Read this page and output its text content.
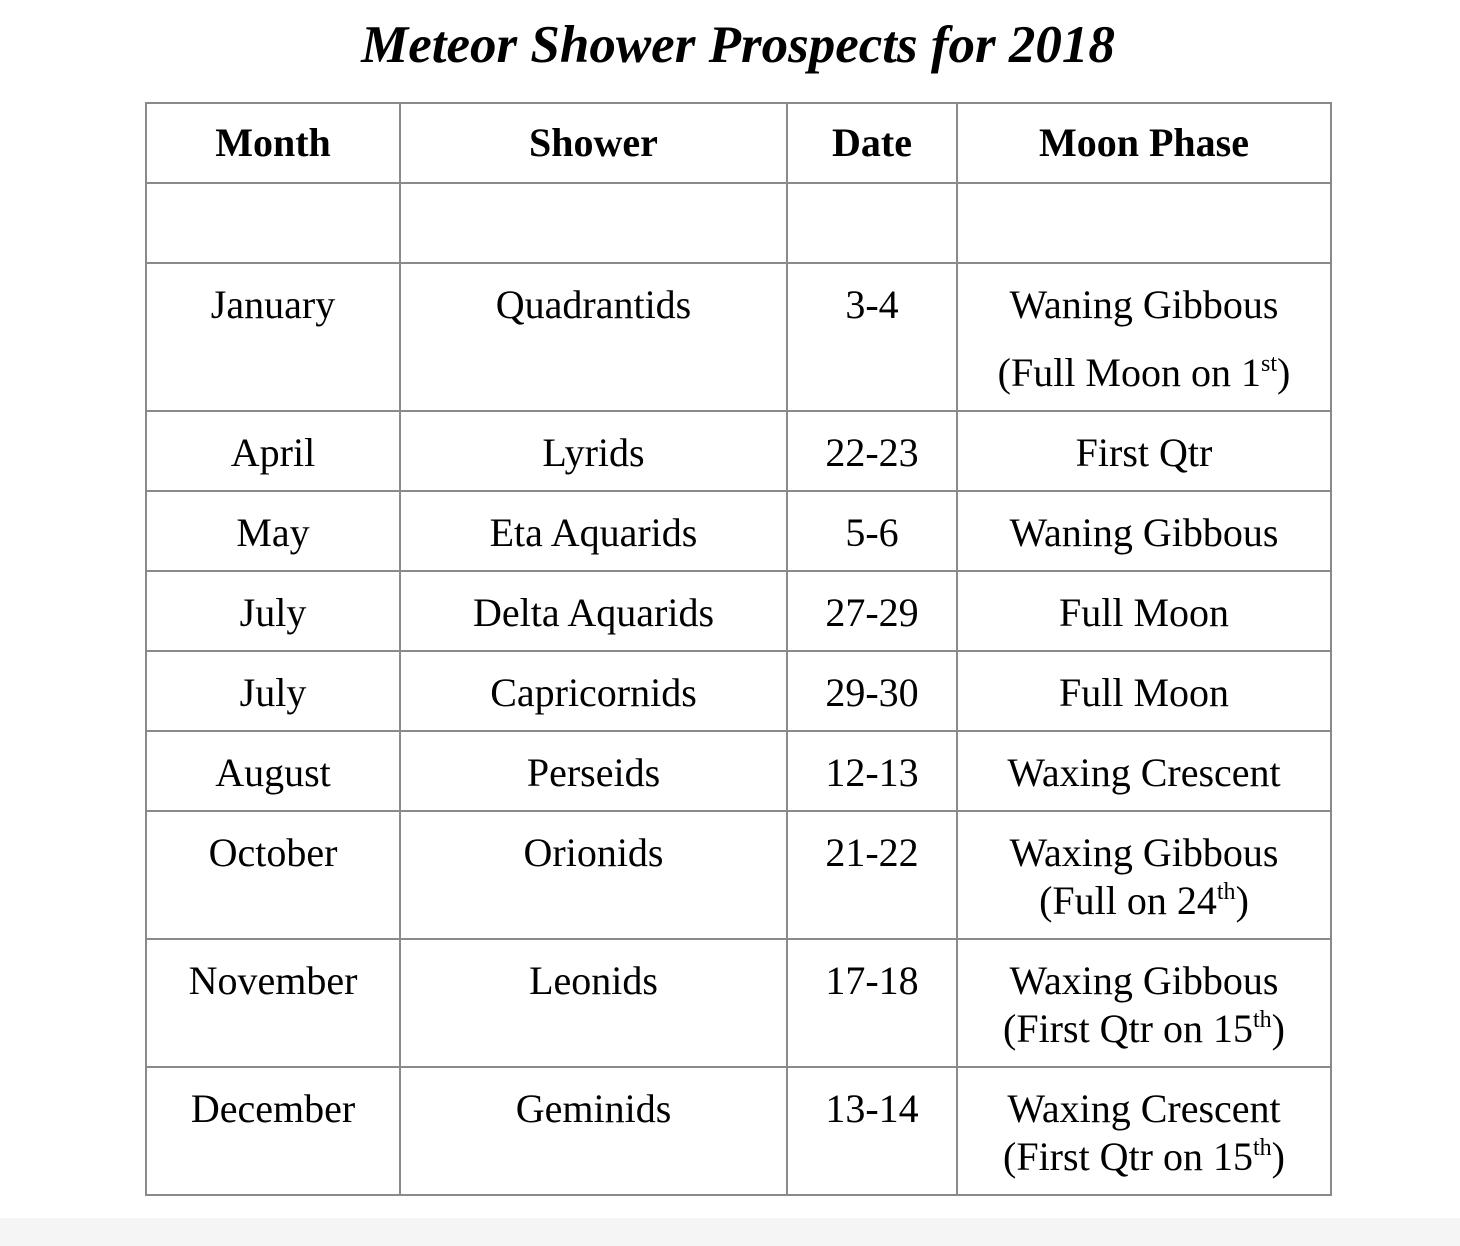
Meteor Shower Prospects for 2018
Month	Shower	Date	Moon Phase

January	Quadrantids	3-4	Waning Gibbous
(Full Moon on 1st)

April	Lyrids	22-23	First Qtr
May	Eta Aquarids	5-6	Waning Gibbous
July	Delta Aquarids	27-29	Full Moon
July	Capricornids	29-30	Full Moon
August	Perseids	12-13	Waxing Crescent
October	Orionids	21-22	Waxing Gibbous
(Full on 24th)

November	Leonids	17-18	Waxing Gibbous
(First Qtr on 15th)

December	Geminids	13-14	Waxing Crescent
(First Qtr on 15th)
